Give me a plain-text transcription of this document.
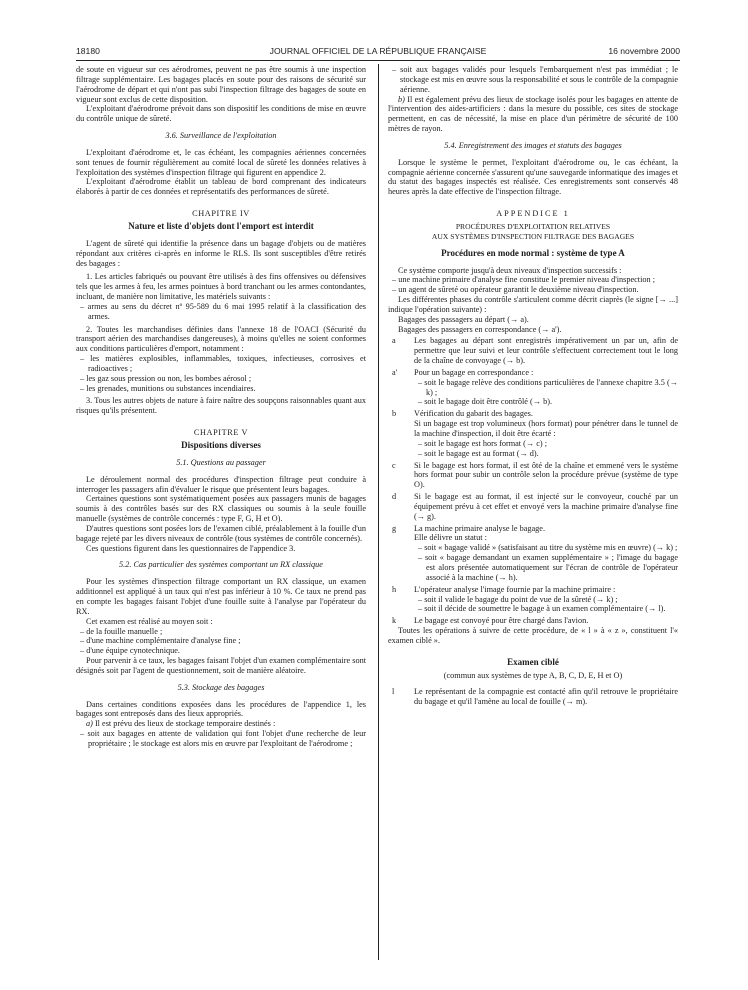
18180	JOURNAL OFFICIEL DE LA RÉPUBLIQUE FRANÇAISE	16 novembre 2000

de soute en vigueur sur ces aérodromes, peuvent ne pas être soumis à une inspection filtrage supplémentaire. Les bagages placés en soute pour des raisons de sécurité sur l'aérodrome de départ et qui n'ont pas subi l'inspection filtrage des bagages de soute en vigueur sont exclus de cette disposition.

L'exploitant d'aérodrome prévoit dans son dispositif les conditions de mise en œuvre du contrôle unique de sûreté.

3.6. Surveillance de l'exploitation

L'exploitant d'aérodrome et, le cas échéant, les compagnies aériennes concernées sont tenues de fournir régulièrement au comité local de sûreté les données relatives à l'exploitation des systèmes d'inspection filtrage qui figurent en appendice 2.

L'exploitant d'aérodrome établit un tableau de bord comprenant des indicateurs élaborés à partir de ces données et représentatifs des performances de sûreté.

CHAPITRE IV

Nature et liste d'objets dont l'emport est interdit

L'agent de sûreté qui identifie la présence dans un bagage d'objets ou de matières répondant aux critères ci-après en informe le RLS. Ils sont susceptibles d'être retirés des bagages :

1. Les articles fabriqués ou pouvant être utilisés à des fins offensives ou défensives tels que les armes à feu, les armes pointues à bord tranchant ou les armes contondantes, incluant, de manière non limitative, les matériels suivants :

– armes au sens du décret nº 95-589 du 6 mai 1995 relatif à la classification des armes.

2. Toutes les marchandises définies dans l'annexe 18 de l'OACI (Sécurité du transport aérien des marchandises dangereuses), à moins qu'elles ne soient conformes aux conditions particulières d'emport, notamment :

– les matières explosibles, inflammables, toxiques, infectieuses, corrosives et radioactives ;

– les gaz sous pression ou non, les bombes aérosol ;

– les grenades, munitions ou substances incendiaires.

3. Tous les autres objets de nature à faire naître des soupçons raisonnables quant aux risques qu'ils présentent.

CHAPITRE V

Dispositions diverses

5.1. Questions au passager

Le déroulement normal des procédures d'inspection filtrage peut conduire à interroger les passagers afin d'évaluer le risque que présentent leurs bagages.

Certaines questions sont systématiquement posées aux passagers munis de bagages soumis à des contrôles basés sur des RX classiques ou soumis à la seule fouille manuelle (systèmes de contrôle concernés : type F, G, H et O).

D'autres questions sont posées lors de l'examen ciblé, préalablement à la fouille d'un bagage rejeté par les divers niveaux de contrôle (tous systèmes de contrôle concernés).

Ces questions figurent dans les questionnaires de l'appendice 3.

5.2. Cas particulier des systèmes comportant un RX classique

Pour les systèmes d'inspection filtrage comportant un RX classique, un examen additionnel est appliqué à un taux qui n'est pas inférieur à 10 %. Ce taux ne prend pas en compte les bagages faisant l'objet d'une fouille suite à l'analyse par l'opérateur du RX.

Cet examen est réalisé au moyen soit :

– de la fouille manuelle ;

– d'une machine complémentaire d'analyse fine ;

– d'une équipe cynotechnique.

Pour parvenir à ce taux, les bagages faisant l'objet d'un examen complémentaire sont désignés soit par l'agent de questionnement, soit de manière aléatoire.

5.3. Stockage des bagages

Dans certaines conditions exposées dans les procédures de l'appendice 1, les bagages sont entreposés dans des lieux appropriés.

a) Il est prévu des lieux de stockage temporaire destinés :

– soit aux bagages en attente de validation qui font l'objet d'une recherche de leur propriétaire ; le stockage est alors mis en œuvre par l'exploitant de l'aérodrome ;

– soit aux bagages validés pour lesquels l'embarquement n'est pas immédiat ; le stockage est mis en œuvre sous la responsabilité et sous le contrôle de la compagnie aérienne.

b) Il est également prévu des lieux de stockage isolés pour les bagages en attente de l'intervention des aides-artificiers : dans la mesure du possible, ces sites de stockage permettent, en cas de nécessité, la mise en place d'un périmètre de sécurité de 100 mètres de rayon.

5.4. Enregistrement des images et statuts des bagages

Lorsque le système le permet, l'exploitant d'aérodrome ou, le cas échéant, la compagnie aérienne concernée s'assurent qu'une sauvegarde informatique des images et du statut des bagages inspectés est réalisée. Ces enregistrements sont conservés 48 heures après la date effective de l'inspection filtrage.

APPENDICE 1

PROCÉDURES D'EXPLOITATION RELATIVES

AUX SYSTÈMES D'INSPECTION FILTRAGE DES BAGAGES

Procédures en mode normal : système de type A

Ce système comporte jusqu'à deux niveaux d'inspection successifs :

– une machine primaire d'analyse fine constitue le premier niveau d'inspection ;

– un agent de sûreté ou opérateur garantit le deuxième niveau d'inspection.

Les différentes phases du contrôle s'articulent comme décrit ciaprès (le signe [→ ...] indique l'opération suivante) :

Bagages des passagers au départ (→ a).

Bagages des passagers en correspondance (→ a').

a	Les bagages au départ sont enregistrés impérativement un par un, afin de permettre que leur suivi et leur contrôle s'effectuent correctement tout le long de la chaîne de convoyage (→ b).
a'	Pour un bagage en correspondance :
– soit le bagage relève des conditions particulières de l'annexe chapitre 3.5 (→ k) ;
– soit le bagage doit être contrôlé (→ b).
b	Vérification du gabarit des bagages.
Si un bagage est trop volumineux (hors format) pour pénétrer dans le tunnel de la machine d'inspection, il doit être écarté :
– soit le bagage est hors format (→ c) ;
– soit le bagage est au format (→ d).
c	Si le bagage est hors format, il est ôté de la chaîne et emmené vers le système hors format pour subir un contrôle selon la procédure prévue (système de type O).
d	Si le bagage est au format, il est injecté sur le convoyeur, couché par un équipement prévu à cet effet et envoyé vers la machine primaire d'analyse fine (→ g).
g	La machine primaire analyse le bagage.
Elle délivre un statut :
– soit « bagage validé » (satisfaisant au titre du système mis en œuvre) (→ k) ;
– soit « bagage demandant un examen supplémentaire » ; l'image du bagage est alors présentée automatiquement sur l'écran de contrôle de l'opérateur associé à la machine (→ h).
h	L'opérateur analyse l'image fournie par la machine primaire :
– soit il valide le bagage du point de vue de la sûreté (→ k) ;
– soit il décide de soumettre le bagage à un examen complémentaire (→ l).
k	Le bagage est convoyé pour être chargé dans l'avion.

Toutes les opérations à suivre de cette procédure, de « l » à « z », constituent l'« examen ciblé ».

Examen ciblé

(commun aux systèmes de type A, B, C, D, E, H et O)

l	Le représentant de la compagnie est contacté afin qu'il retrouve le propriétaire du bagage et qu'il l'amène au local de fouille (→ m).
